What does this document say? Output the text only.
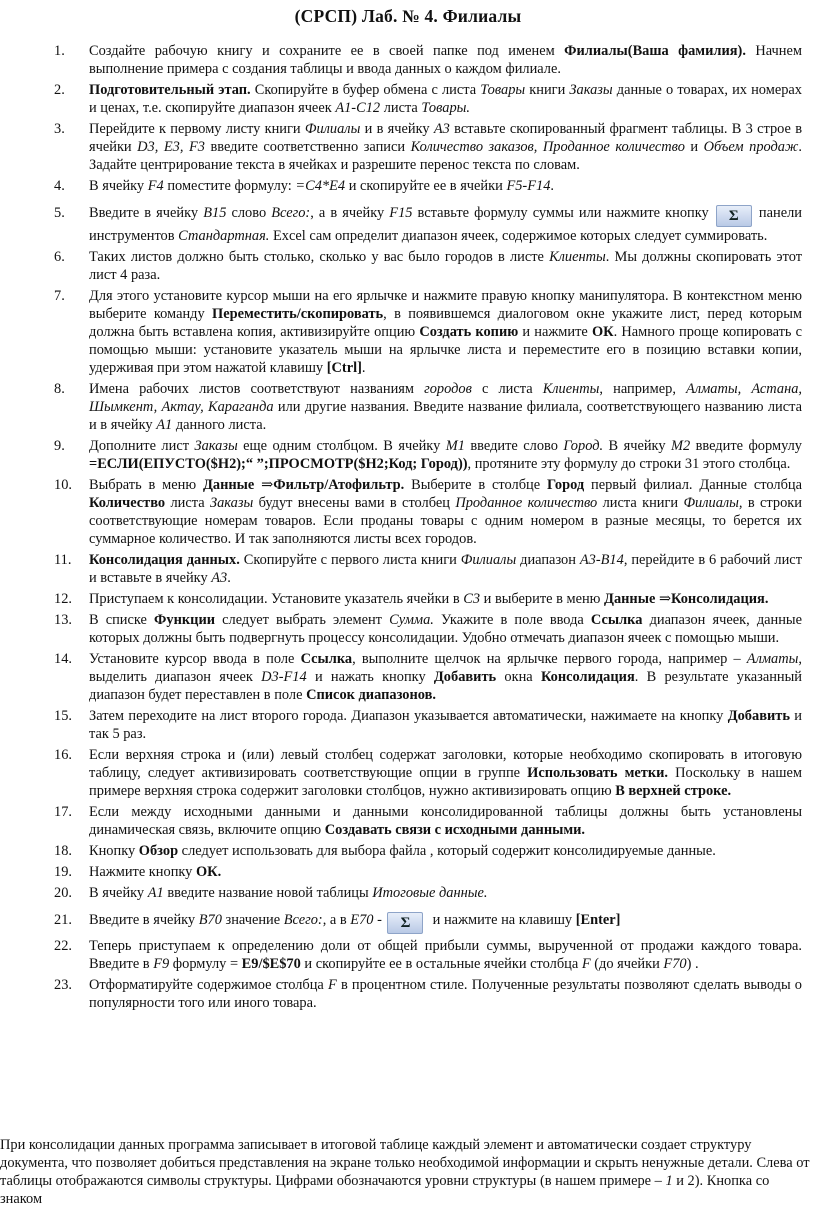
(СРСП) Лаб. № 4. Филиалы
1.	Создайте рабочую книгу и сохраните ее в своей папке под именем Филиалы(Ваша фамилия). Начнем выполнение примера с создания таблицы и ввода данных о каждом филиале.
2.	Подготовительный этап. Скопируйте в буфер обмена с листа Товары книги Заказы данные о товарах, их номерах и ценах, т.е. скопируйте диапазон ячеек А1-С12 листа Товары.
3.	Перейдите к первому листу книги Филиалы и в ячейку А3 вставьте скопированный фрагмент таблицы. В 3 строе в ячейки D3, E3, F3 введите соответственно записи Количество заказов, Проданное количество и Объем продаж. Задайте центрирование текста в ячейках и разрешите перенос текста по словам.
4.	В ячейку F4 поместите формулу: =С4*Е4 и скопируйте ее в ячейки F5-F14.
5.	Введите в ячейку В15 слово Всего:, а в ячейку F15 вставьте формулу суммы или нажмите кнопку Σ панели инструментов Стандартная. Excel сам определит диапазон ячеек, содержимое которых следует суммировать.
6.	Таких листов должно быть столько, сколько у вас было городов в листе Клиенты. Мы должны скопировать этот лист 4 раза.
7.	Для этого установите курсор мыши на его ярлычке и нажмите правую кнопку манипулятора. В контекстном меню выберите команду Переместить/скопировать, в появившемся диалоговом окне укажите лист, перед которым должна быть вставлена копия, активизируйте опцию Создать копию и нажмите ОК. Намного проще копировать с помощью мыши: установите указатель мыши на ярлычке листа и переместите его в позицию вставки копии, удерживая при этом нажатой клавишу [Ctrl].
8.	Имена рабочих листов соответствуют названиям городов с листа Клиенты, например, Алматы, Астана, Шымкент, Актау, Караганда или другие названия. Введите название филиала, соответствующего названию листа и в ячейку А1 данного листа.
9.	Дополните лист Заказы еще одним столбцом. В ячейку М1 введите слово Город. В ячейку М2 введите формулу =ЕСЛИ(ЕПУСТО($H2);“ ”;ПРОСМОТР($H2;Код; Город)), протяните эту формулу до строки 31 этого столбца.
10.	Выбрать в меню Данные ⇒Фильтр/Атофильтр. Выберите в столбце Город первый филиал. Данные столбца Количество листа Заказы будут внесены вами в столбец Проданное количество листа книги Филиалы, в строки соответствующие номерам товаров. Если проданы товары с одним номером в разные месяцы, то берется их суммарное количество. И так заполняются листы всех городов.
11.	Консолидация данных. Скопируйте с первого листа книги Филиалы диапазон А3-В14, перейдите в 6 рабочий лист и вставьте в ячейку А3.
12.	Приступаем к консолидации. Установите указатель ячейки в С3 и выберите в меню Данные ⇒Консолидация.
13.	В списке Функции следует выбрать элемент Сумма. Укажите в поле ввода Ссылка диапазон ячеек, данные которых должны быть подвергнуть процессу консолидации. Удобно отмечать диапазон ячеек с помощью мыши.
14.	Установите курсор ввода в поле Ссылка, выполните щелчок на ярлычке первого города, например – Алматы, выделить диапазон ячеек D3-F14 и нажать кнопку Добавить окна Консолидация. В результате указанный диапазон будет переставлен в поле Список диапазонов.
15.	Затем переходите на лист второго города. Диапазон указывается автоматически, нажимаете на кнопку Добавить и так 5 раз.
16.	Если верхняя строка и (или) левый столбец содержат заголовки, которые необходимо скопировать в итоговую таблицу, следует активизировать соответствующие опции в группе Использовать метки. Поскольку в нашем примере верхняя строка содержит заголовки столбцов, нужно активизировать опцию В верхней строке.
17.	Если между исходными данными и данными консолидированной таблицы должны быть установлены динамическая связь, включите опцию Создавать связи с исходными данными.
18.	Кнопку Обзор следует использовать для выбора файла , который содержит консолидируемые данные.
19.	Нажмите кнопку ОК.
20.	В ячейку А1 введите название новой таблицы Итоговые данные.
21.	Введите в ячейку В70 значение Всего:, а в Е70 - Σ  и нажмите на клавишу [Enter]
22.	Теперь приступаем к определению доли от общей прибыли суммы, вырученной от продажи каждого товара. Введите в F9 формулу = Е9/$E$70 и скопируйте ее в остальные ячейки столбца F (до ячейки F70) .
23.	Отформатируйте содержимое столбца F в процентном стиле. Полученные результаты позволяют сделать выводы о популярности того или иного товара.
При консолидации данных программа записывает в итоговой таблице каждый элемент и автоматически создает структуру документа, что позволяет добиться представления на экране только необходимой информации и скрыть ненужные детали. Слева от таблицы отображаются символы структуры. Цифрами обозначаются уровни структуры (в нашем примере – 1 и 2). Кнопка со знаком
